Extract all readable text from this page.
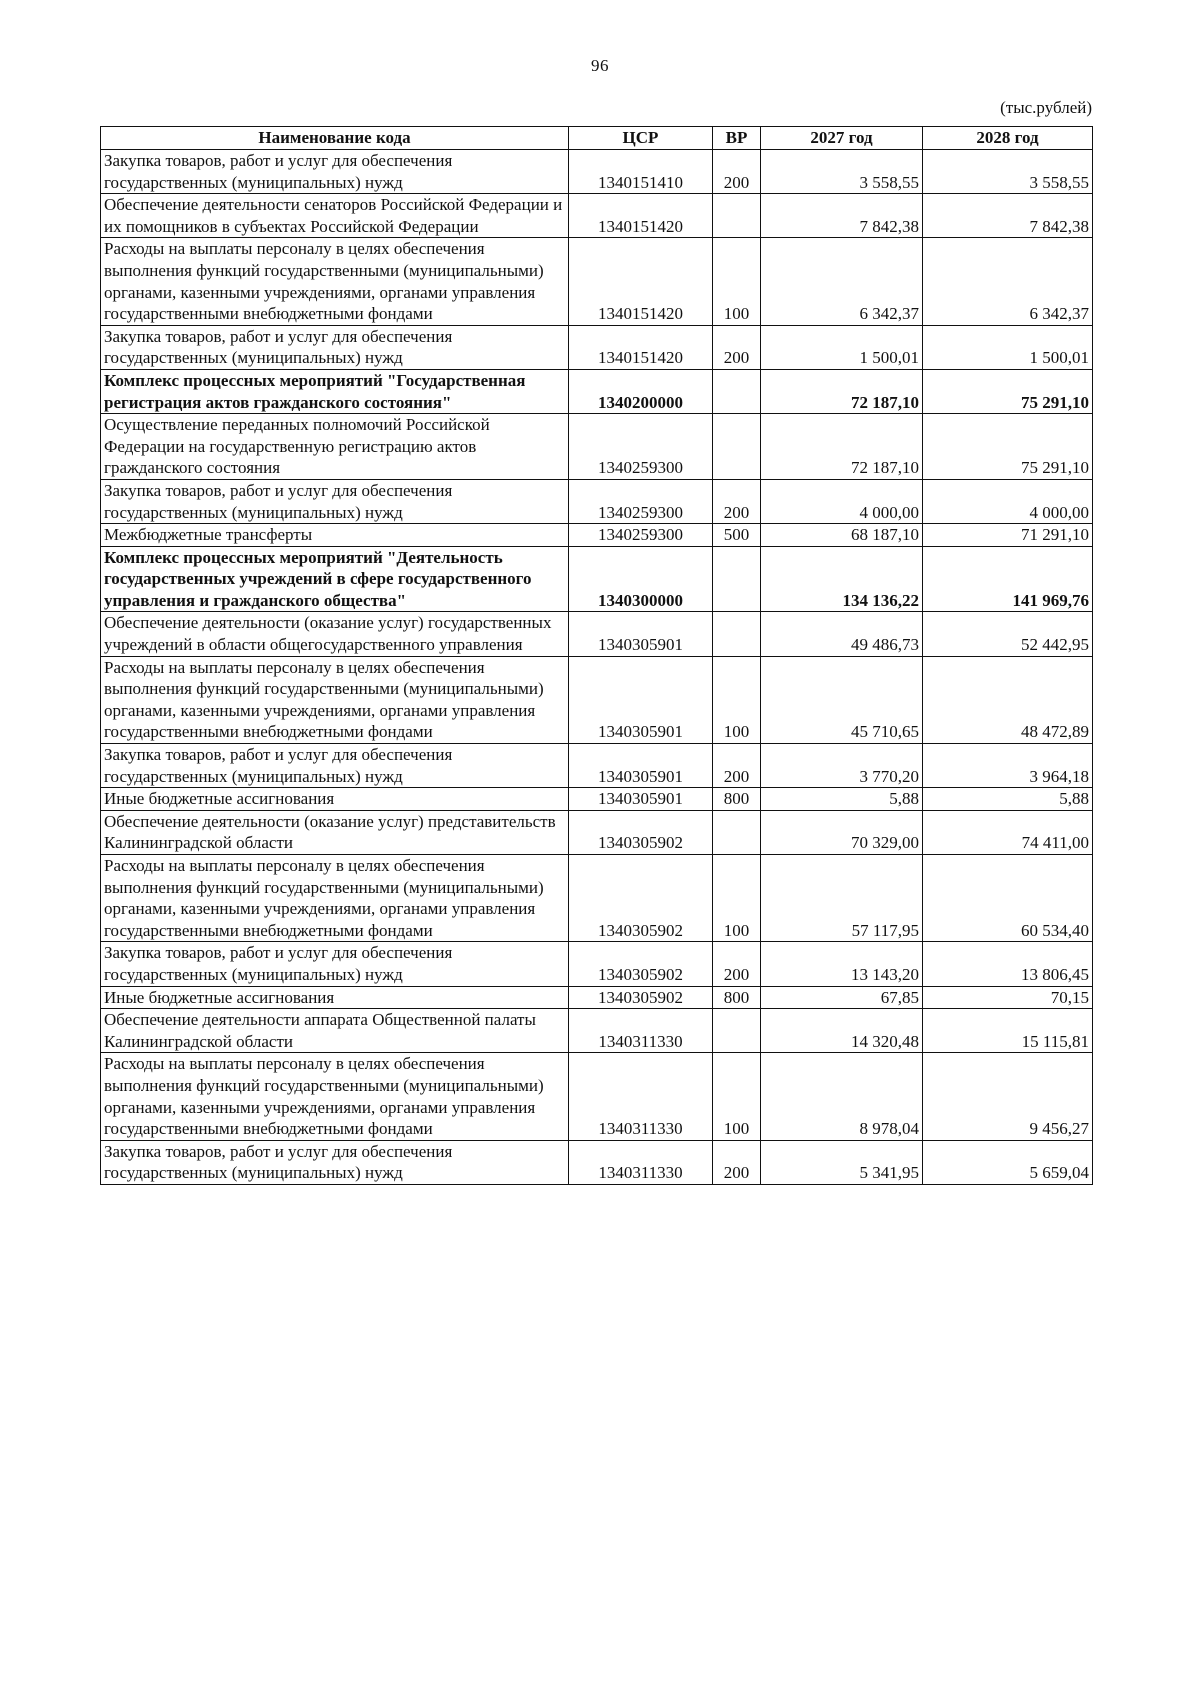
96
(тыс.рублей)
Наименование кода	ЦСР	ВР	2027 год	2028 год
Закупка товаров, работ и услуг для обеспечения государственных (муниципальных) нужд	1340151410	200	3 558,55	3 558,55
Обеспечение деятельности сенаторов Российской Федерации и их помощников в субъектах Российской Федерации	1340151420		7 842,38	7 842,38
Расходы на выплаты персоналу в целях обеспечения выполнения функций государственными (муниципальными) органами, казенными учреждениями, органами управления государственными внебюджетными фондами	1340151420	100	6 342,37	6 342,37
Закупка товаров, работ и услуг для обеспечения государственных (муниципальных) нужд	1340151420	200	1 500,01	1 500,01
Комплекс процессных мероприятий "Государственная регистрация актов гражданского состояния"	1340200000		72 187,10	75 291,10
Осуществление переданных полномочий Российской Федерации на государственную регистрацию актов гражданского состояния	1340259300		72 187,10	75 291,10
Закупка товаров, работ и услуг для обеспечения государственных (муниципальных) нужд	1340259300	200	4 000,00	4 000,00
Межбюджетные трансферты	1340259300	500	68 187,10	71 291,10
Комплекс процессных мероприятий "Деятельность государственных учреждений в сфере государственного управления и гражданского общества"	1340300000		134 136,22	141 969,76
Обеспечение деятельности (оказание услуг) государственных учреждений в области общегосударственного управления	1340305901		49 486,73	52 442,95
Расходы на выплаты персоналу в целях обеспечения выполнения функций государственными (муниципальными) органами, казенными учреждениями, органами управления государственными внебюджетными фондами	1340305901	100	45 710,65	48 472,89
Закупка товаров, работ и услуг для обеспечения государственных (муниципальных) нужд	1340305901	200	3 770,20	3 964,18
Иные бюджетные ассигнования	1340305901	800	5,88	5,88
Обеспечение деятельности (оказание услуг) представительств Калининградской области	1340305902		70 329,00	74 411,00
Расходы на выплаты персоналу в целях обеспечения выполнения функций государственными (муниципальными) органами, казенными учреждениями, органами управления государственными внебюджетными фондами	1340305902	100	57 117,95	60 534,40
Закупка товаров, работ и услуг для обеспечения государственных (муниципальных) нужд	1340305902	200	13 143,20	13 806,45
Иные бюджетные ассигнования	1340305902	800	67,85	70,15
Обеспечение деятельности аппарата Общественной палаты Калининградской области	1340311330		14 320,48	15 115,81
Расходы на выплаты персоналу в целях обеспечения выполнения функций государственными (муниципальными) органами, казенными учреждениями, органами управления государственными внебюджетными фондами	1340311330	100	8 978,04	9 456,27
Закупка товаров, работ и услуг для обеспечения государственных (муниципальных) нужд	1340311330	200	5 341,95	5 659,04
